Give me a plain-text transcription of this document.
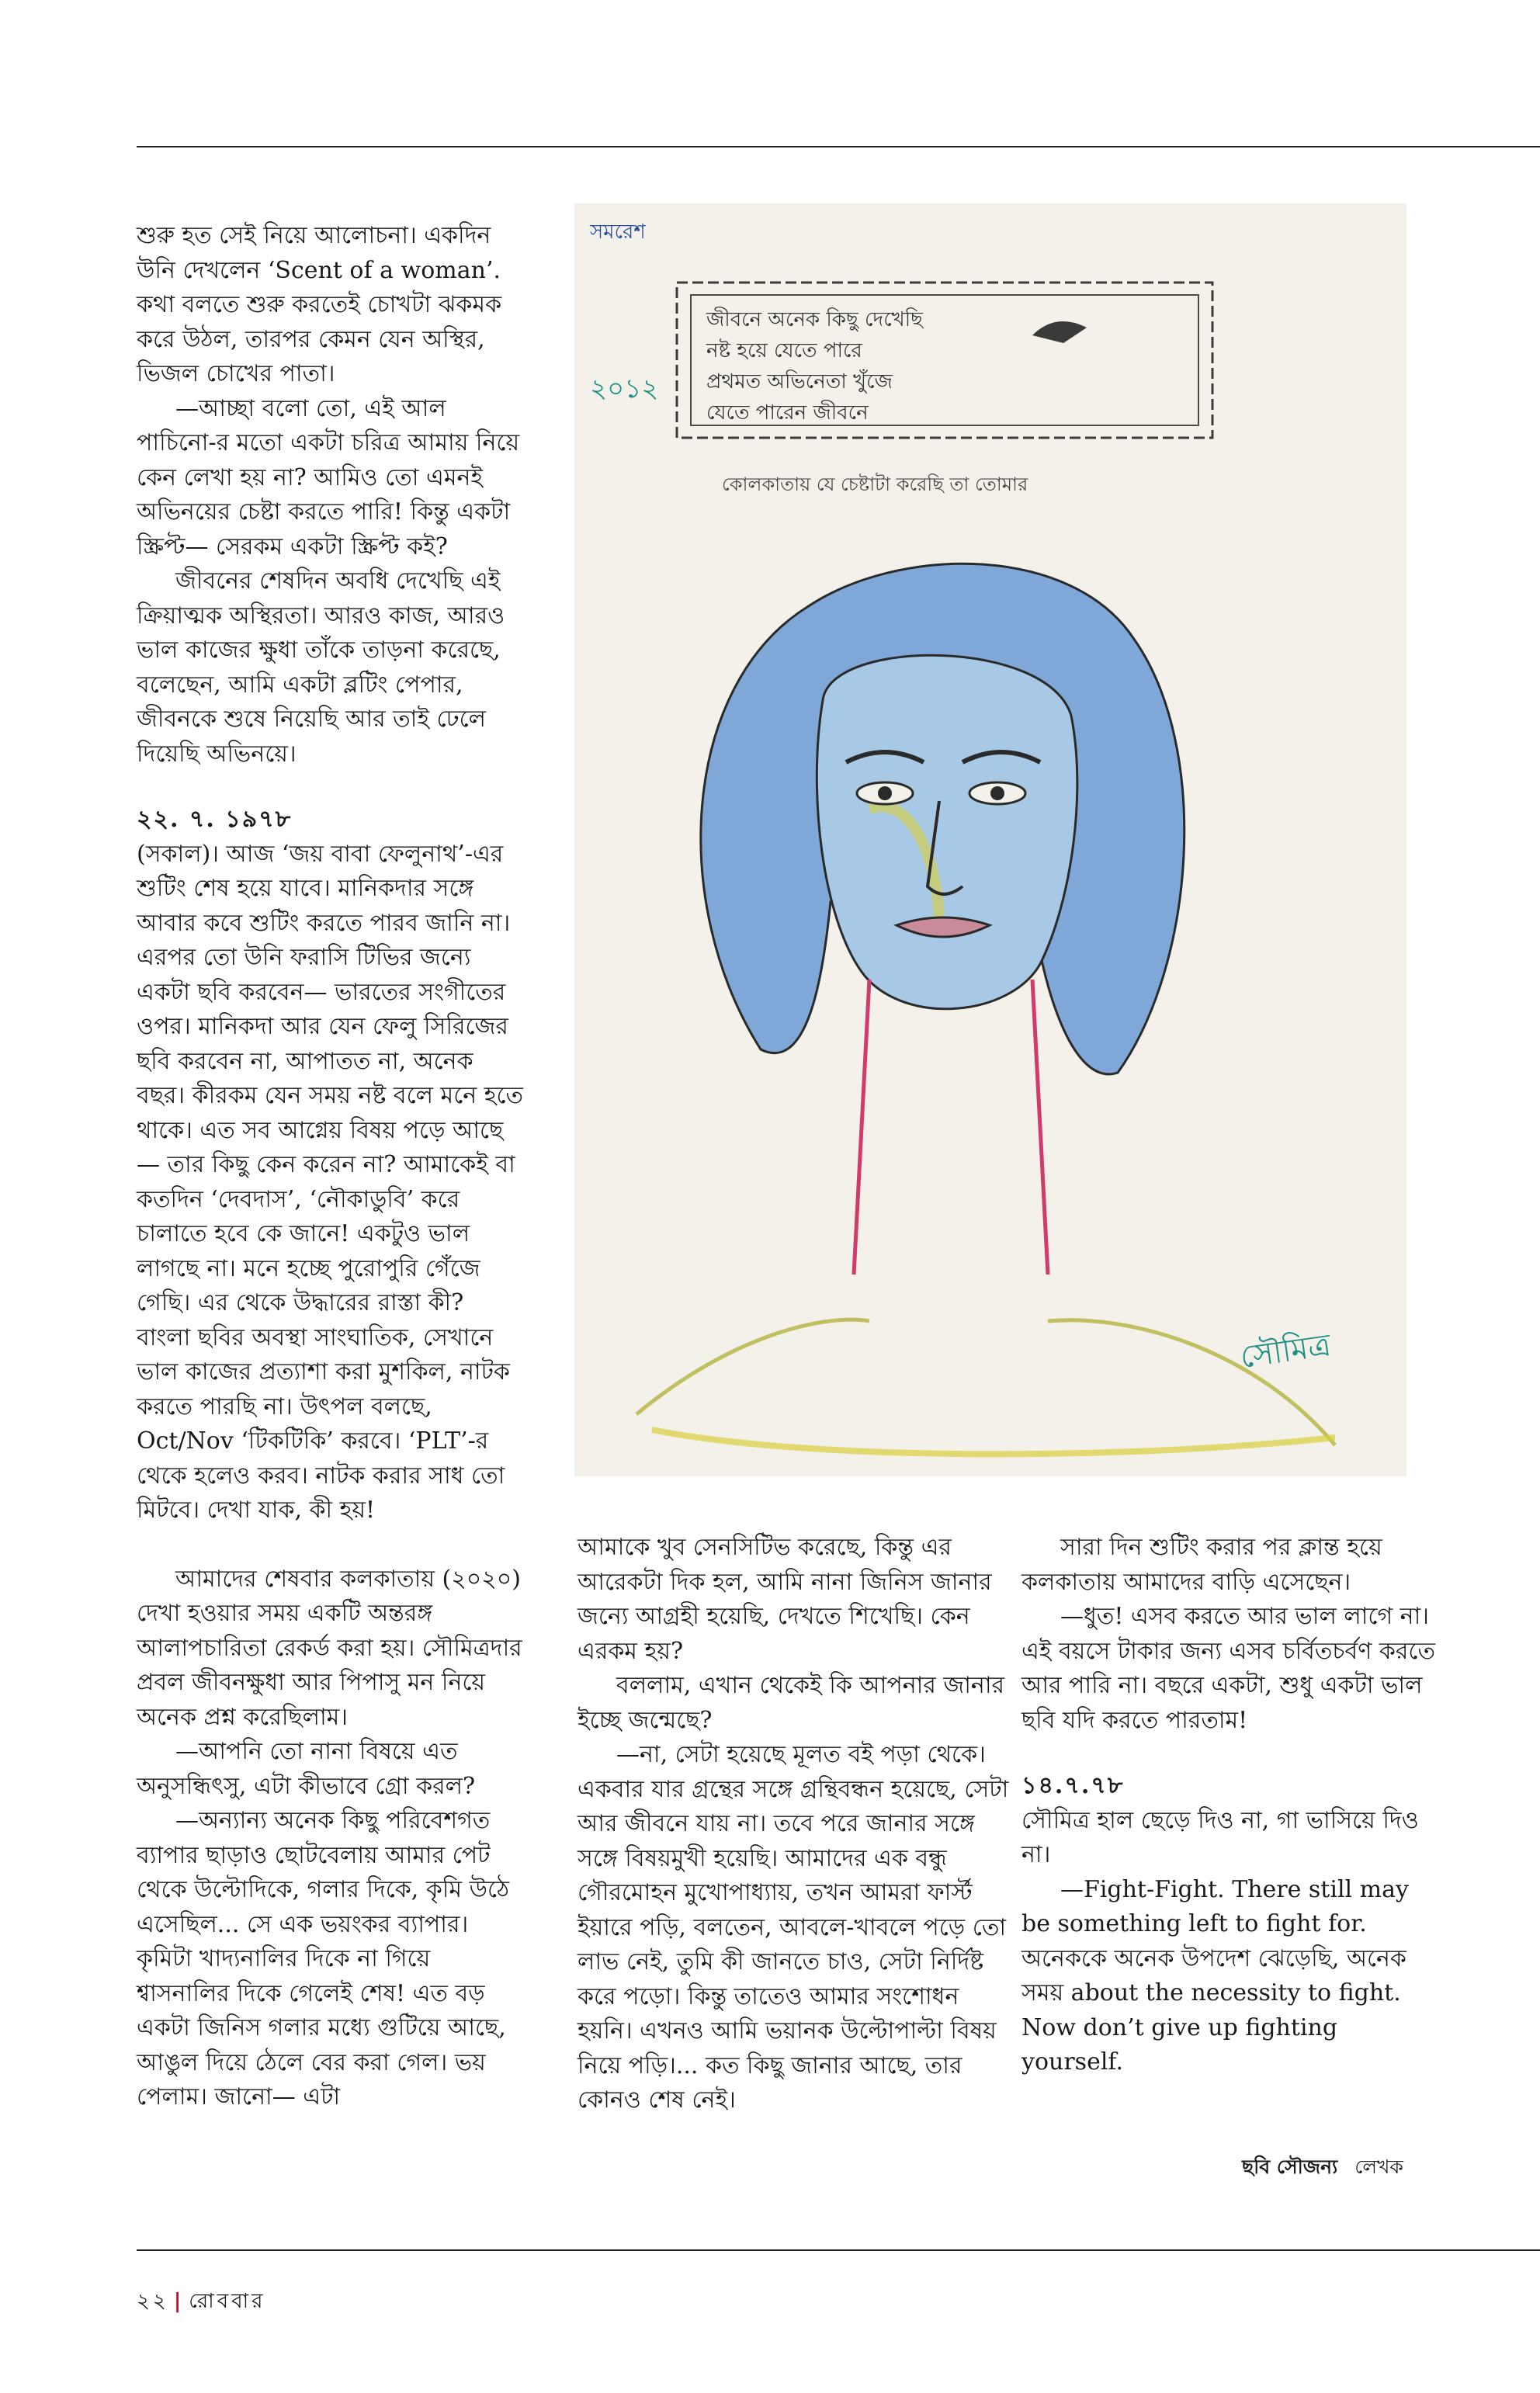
শুরু হত সেই নিয়ে আলোচনা। একদিন উনি দেখলেন ‘Scent of a woman’. কথা বলতে শুরু করতেই চোখটা ঝকমক করে উঠল, তারপর কেমন যেন অস্থির, ভিজল চোখের পাতা।

—আচ্ছা বলো তো, এই আল পাচিনো-র মতো একটা চরিত্র আমায় নিয়ে কেন লেখা হয় না? আমিও তো এমনই অভিনয়ের চেষ্টা করতে পারি! কিন্তু একটা স্ক্রিপ্ট— সেরকম একটা স্ক্রিপ্ট কই?

জীবনের শেষদিন অবধি দেখেছি এই ক্রিয়াত্মক অস্থিরতা। আরও কাজ, আরও ভাল কাজের ক্ষুধা তাঁকে তাড়না করেছে, বলেছেন, আমি একটা ব্লটিং পেপার, জীবনকে শুষে নিয়েছি আর তাই ঢেলে দিয়েছি অভিনয়ে।

২২. ৭. ১৯৭৮

(সকাল)। আজ ‘জয় বাবা ফেলুনাথ’-এর শুটিং শেষ হয়ে যাবে। মানিকদার সঙ্গে আবার কবে শুটিং করতে পারব জানি না। এরপর তো উনি ফরাসি টিভির জন্যে একটা ছবি করবেন— ভারতের সংগীতের ওপর। মানিকদা আর যেন ফেলু সিরিজের ছবি করবেন না, আপাতত না, অনেক বছর। কীরকম যেন সময় নষ্ট বলে মনে হতে থাকে। এত সব আগ্নেয় বিষয় পড়ে আছে— তার কিছু কেন করেন না? আমাকেই বা কতদিন ‘দেবদাস’, ‘নৌকাডুবি’ করে চালাতে হবে কে জানে! একটুও ভাল লাগছে না। মনে হচ্ছে পুরোপুরি গেঁজে গেছি। এর থেকে উদ্ধারের রাস্তা কী? বাংলা ছবির অবস্থা সাংঘাতিক, সেখানে ভাল কাজের প্রত্যাশা করা মুশকিল, নাটক করতে পারছি না। উৎপল বলছে, Oct/Nov ‘টিকটিকি’ করবে। ‘PLT’-র থেকে হলেও করব। নাটক করার সাধ তো মিটবে। দেখা যাক, কী হয়!

আমাদের শেষবার কলকাতায় (২০২০) দেখা হওয়ার সময় একটি অন্তরঙ্গ আলাপচারিতা রেকর্ড করা হয়। সৌমিত্রদার প্রবল জীবনক্ষুধা আর পিপাসু মন নিয়ে অনেক প্রশ্ন করেছিলাম।

—আপনি তো নানা বিষয়ে এত অনুসন্ধিৎসু, এটা কীভাবে গ্রো করল?

—অন্যান্য অনেক কিছু পরিবেশগত ব্যাপার ছাড়াও ছোটবেলায় আমার পেট থেকে উল্টোদিকে, গলার দিকে, কৃমি উঠে এসেছিল... সে এক ভয়ংকর ব্যাপার। কৃমিটা খাদ্যনালির দিকে না গিয়ে শ্বাসনালির দিকে গেলেই শেষ! এত বড় একটা জিনিস গলার মধ্যে গুটিয়ে আছে, আঙুল দিয়ে ঠেলে বের করা গেল। ভয় পেলাম। জানো— এটা

সমরেশ
জীবনে অনেক কিছু দেখেছি
নষ্ট হয়ে যেতে পারে
প্রথমত অভিনেতা খুঁজে
যেতে পারেন জীবনে
২০১২
কোলকাতায় যে চেষ্টাটা করেছি তা তোমার
সৌমিত্র

আমাকে খুব সেনসিটিভ করেছে, কিন্তু এর আরেকটা দিক হল, আমি নানা জিনিস জানার জন্যে আগ্রহী হয়েছি, দেখতে শিখেছি। কেন এরকম হয়?

বললাম, এখান থেকেই কি আপনার জানার ইচ্ছে জন্মেছে?

—না, সেটা হয়েছে মূলত বই পড়া থেকে। একবার যার গ্রন্থের সঙ্গে গ্রন্থিবন্ধন হয়েছে, সেটা আর জীবনে যায় না। তবে পরে জানার সঙ্গে সঙ্গে বিষয়মুখী হয়েছি। আমাদের এক বন্ধু গৌরমোহন মুখোপাধ্যায়, তখন আমরা ফার্স্ট ইয়ারে পড়ি, বলতেন, আবলে-খাবলে পড়ে তো লাভ নেই, তুমি কী জানতে চাও, সেটা নির্দিষ্ট করে পড়ো। কিন্তু তাতেও আমার সংশোধন হয়নি। এখনও আমি ভয়ানক উল্টোপাল্টা বিষয় নিয়ে পড়ি।... কত কিছু জানার আছে, তার কোনও শেষ নেই।

সারা দিন শুটিং করার পর ক্লান্ত হয়ে কলকাতায় আমাদের বাড়ি এসেছেন।

—ধুত! এসব করতে আর ভাল লাগে না। এই বয়সে টাকার জন্য এসব চর্বিতচর্বণ করতে আর পারি না। বছরে একটা, শুধু একটা ভাল ছবি যদি করতে পারতাম!

১৪.৭.৭৮

সৌমিত্র হাল ছেড়ে দিও না, গা ভাসিয়ে দিও না।

—Fight-Fight. There still may be something left to fight for. অনেককে অনেক উপদেশ ঝেড়েছি, অনেক সময় about the necessity to fight. Now don’t give up fighting yourself.

ছবি সৌজন্য লেখক
২২ | রোববার
